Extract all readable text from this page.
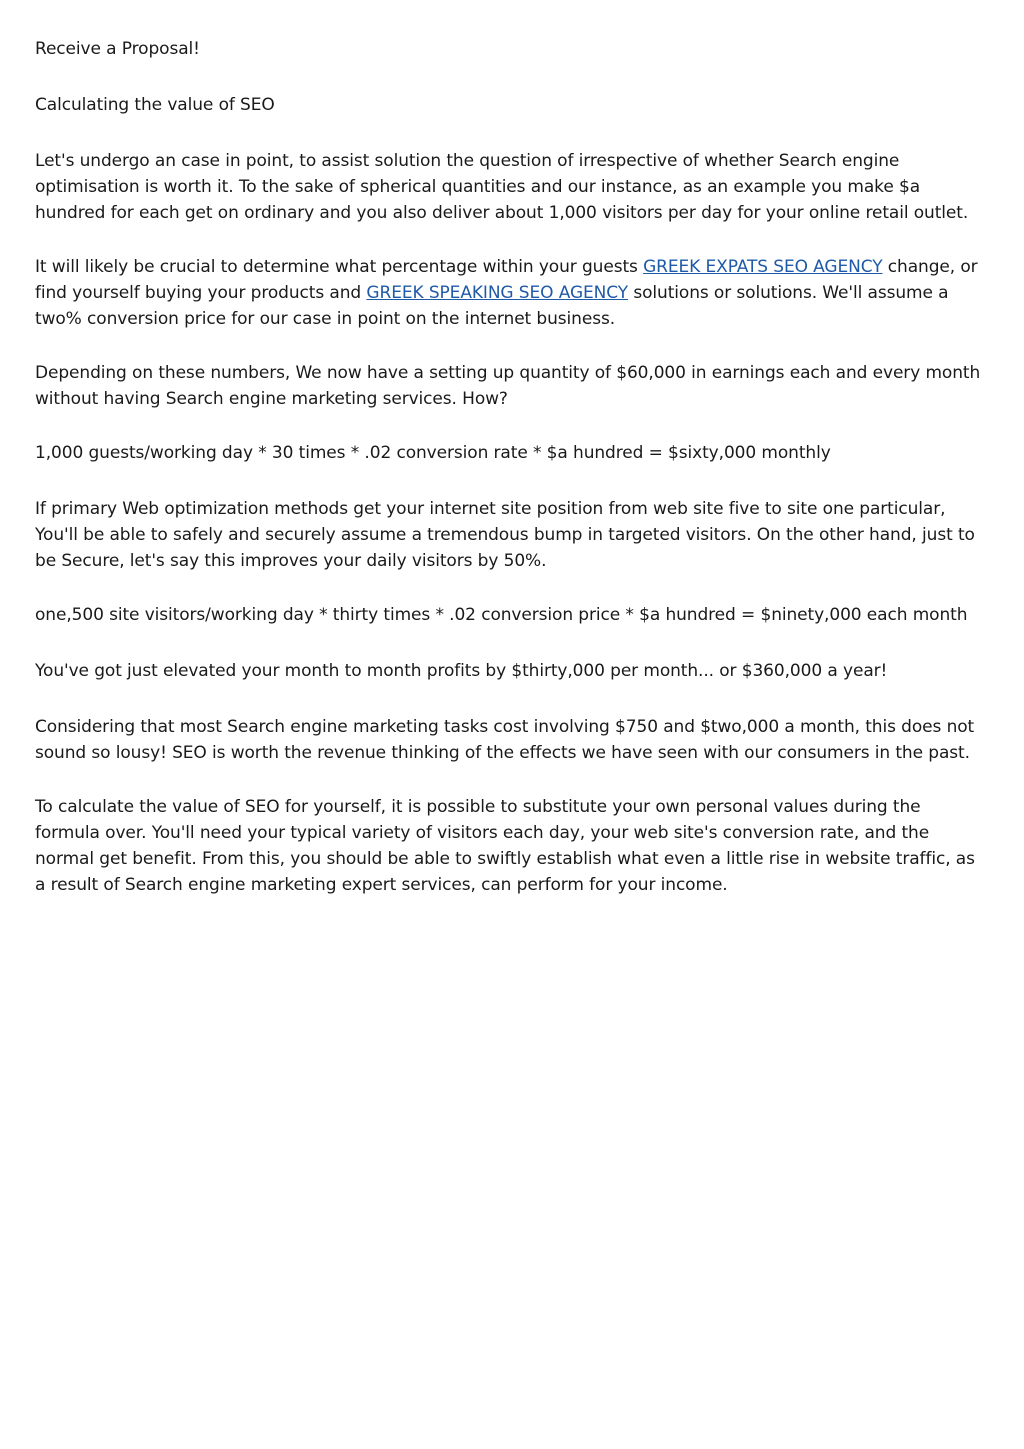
Receive a Proposal!

Calculating the value of SEO

Let's undergo an case in point, to assist solution the question of irrespective of whether Search engine optimisation is worth it. To the sake of spherical quantities and our instance, as an example you make $a hundred for each get on ordinary and you also deliver about 1,000 visitors per day for your online retail outlet.

It will likely be crucial to determine what percentage within your guests GREEK EXPATS SEO AGENCY change, or find yourself buying your products and GREEK SPEAKING SEO AGENCY solutions or solutions. We'll assume a two% conversion price for our case in point on the internet business.

Depending on these numbers, We now have a setting up quantity of $60,000 in earnings each and every month without having Search engine marketing services. How?

1,000 guests/working day * 30 times * .02 conversion rate * $a hundred = $sixty,000 monthly

If primary Web optimization methods get your internet site position from web site five to site one particular, You'll be able to safely and securely assume a tremendous bump in targeted visitors. On the other hand, just to be Secure, let's say this improves your daily visitors by 50%.

one,500 site visitors/working day * thirty times * .02 conversion price * $a hundred = $ninety,000 each month

You've got just elevated your month to month profits by $thirty,000 per month... or $360,000 a year!

Considering that most Search engine marketing tasks cost involving $750 and $two,000 a month, this does not sound so lousy! SEO is worth the revenue thinking of the effects we have seen with our consumers in the past.

To calculate the value of SEO for yourself, it is possible to substitute your own personal values during the formula over. You'll need your typical variety of visitors each day, your web site's conversion rate, and the normal get benefit. From this, you should be able to swiftly establish what even a little rise in website traffic, as a result of Search engine marketing expert services, can perform for your income.
